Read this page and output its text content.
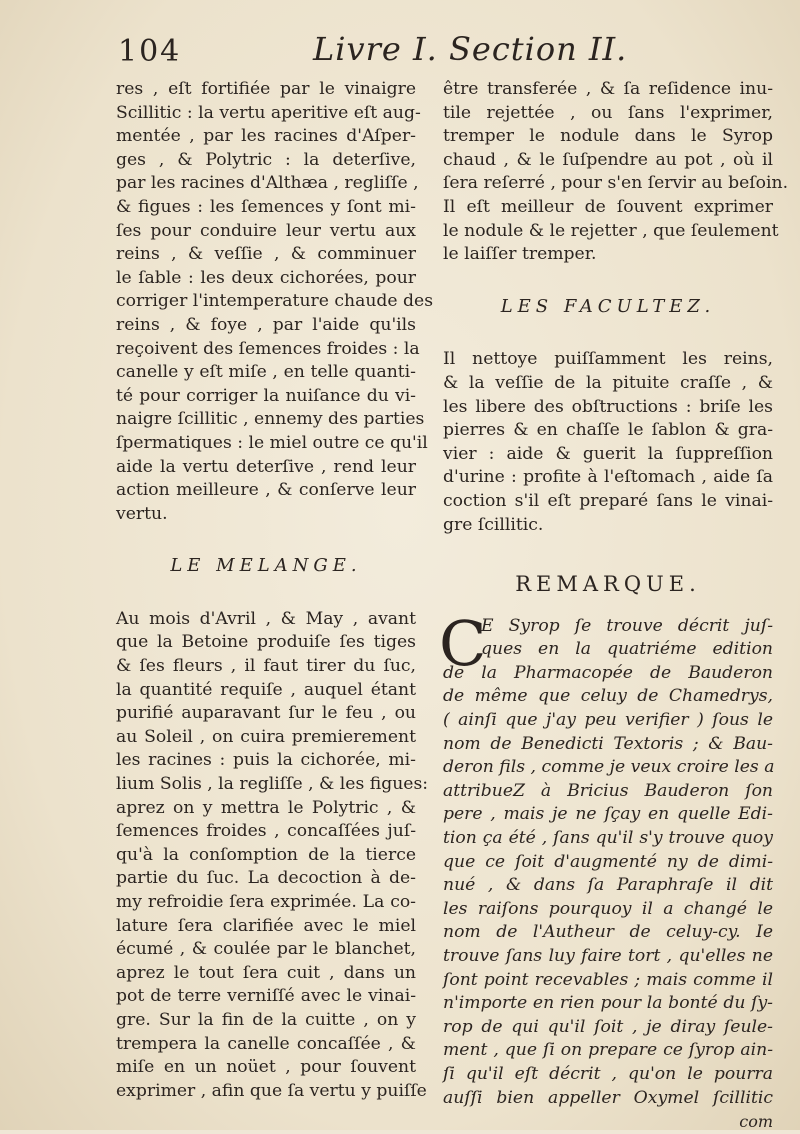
104	Livre I. Section II.
res , eſt fortifiée par le vinaigre
Scillitic : la vertu aperitive eſt aug-
mentée , par les racines d'Aſper-
ges , & Polytric : la deterſive,
par les racines d'Althæa , regliſſe ,
& figues : les ſemences y ſont mi-
ſes pour conduire leur vertu aux
reins , & veſſie , & comminuer
le ſable : les deux cichorées, pour
corriger l'intemperature chaude des
reins , & foye , par l'aide qu'ils
reçoivent des ſemences froides : la
canelle y eſt miſe , en telle quanti-
té pour corriger la nuiſance du vi-
naigre ſcillitic , ennemy des parties
ſpermatiques : le miel outre ce qu'il
aide la vertu deterſive , rend leur
action meilleure , & conſerve leur
vertu.
LE MELANGE.
Au mois d'Avril , & May , avant
que la Betoine produiſe ſes tiges
& ſes fleurs , il faut tirer du ſuc,
la quantité requiſe , auquel étant
purifié auparavant ſur le feu , ou
au Soleil , on cuira premierement
les racines : puis la cichorée, mi-
lium Solis , la regliſſe , & les figues:
aprez on y mettra le Polytric , &
ſemences froides , concaſſées juſ-
qu'à la conſomption de la tierce
partie du ſuc. La decoction à de-
my refroidie ſera exprimée. La co-
lature ſera clarifiée avec le miel
écumé , & coulée par le blanchet,
aprez le tout ſera cuit , dans un
pot de terre verniſſé avec le vinai-
gre. Sur la fin de la cuitte , on y
trempera la canelle concaſſée , &
miſe en un noüet , pour ſouvent
exprimer , afin que ſa vertu y puiſſe
être transferée , & ſa reſidence inu-
tile rejettée , ou ſans l'exprimer,
tremper le nodule dans le Syrop
chaud , & le ſuſpendre au pot , où il
ſera reſerré , pour s'en ſervir au beſoin.
Il eſt meilleur de ſouvent exprimer
le nodule & le rejetter , que ſeulement
le laiſſer tremper.
LES FACULTEZ.
Il nettoye puiſſamment les reins,
& la veſſie de la pituite craſſe , &
les libere des obſtructions : briſe les
pierres & en chaſſe le ſablon & gra-
vier : aide & guerit la ſuppreſſion
d'urine : profite à l'eſtomach , aide ſa
coction s'il eſt preparé ſans le vinai-
gre ſcillitic.
REMARQUE.
C
E Syrop ſe trouve décrit juſ-
ques en la quatriéme edition
de la Pharmacopée de Bauderon
de même que celuy de Chamedrys,
( ainſi que j'ay peu verifier ) ſous le
nom de Benedicti Textoris ; & Bau-
deron fils , comme je veux croire les a
attribueZ à Bricius Bauderon ſon
pere , mais je ne ſçay en quelle Edi-
tion ça été , ſans qu'il s'y trouve quoy
que ce ſoit d'augmenté ny de dimi-
nué , & dans ſa Paraphraſe il dit
les raiſons pourquoy il a changé le
nom de l'Autheur de celuy-cy. Ie
trouve ſans luy faire tort , qu'elles ne
ſont point recevables ; mais comme il
n'importe en rien pour la bonté du ſy-
rop de qui qu'il ſoit , je diray ſeule-
ment , que ſi on prepare ce ſyrop ain-
ſi qu'il eſt décrit , qu'on le pourra
auſſi bien appeller Oxymel ſcillitic
com
